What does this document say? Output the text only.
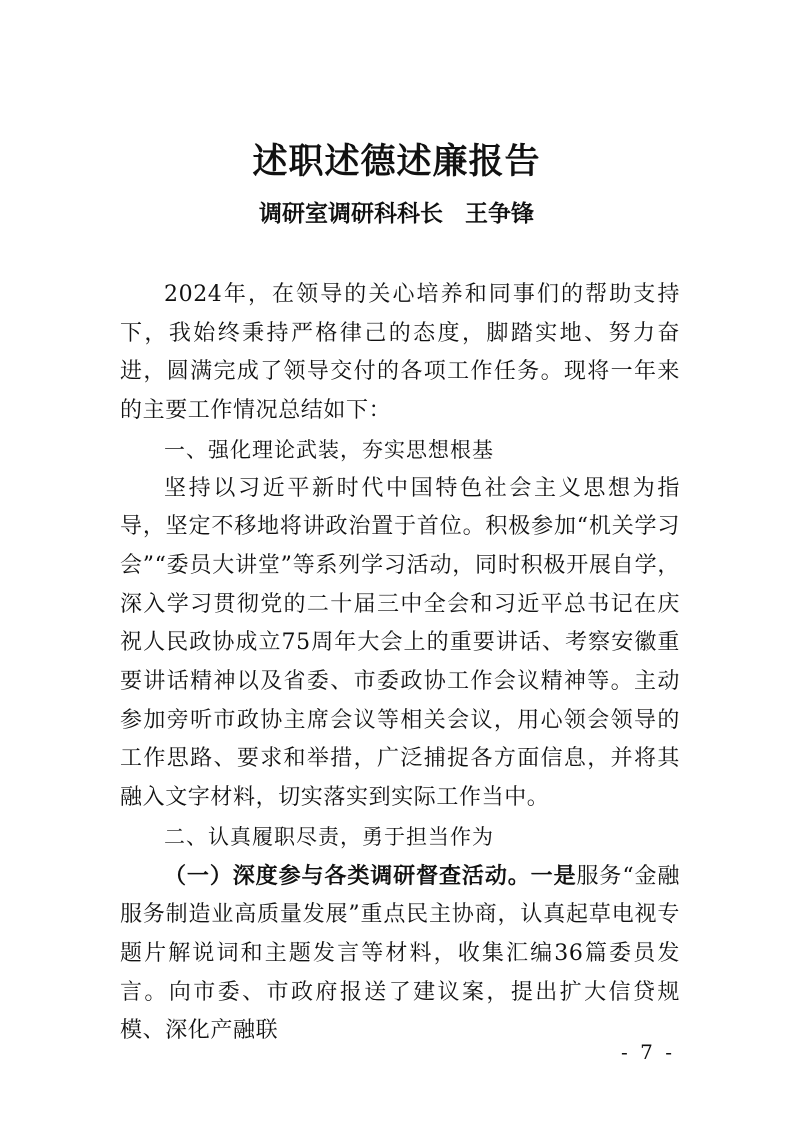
述职述德述廉报告
调研室调研科科长 王争锋

2024年，在领导的关心培养和同事们的帮助支持下，我始终秉持严格律己的态度，脚踏实地、努力奋进，圆满完成了领导交付的各项工作任务。现将一年来的主要工作情况总结如下：

一、强化理论武装，夯实思想根基

坚持以习近平新时代中国特色社会主义思想为指导，坚定不移地将讲政治置于首位。积极参加“机关学习会”“委员大讲堂”等系列学习活动，同时积极开展自学，深入学习贯彻党的二十届三中全会和习近平总书记在庆祝人民政协成立75周年大会上的重要讲话、考察安徽重要讲话精神以及省委、市委政协工作会议精神等。主动参加旁听市政协主席会议等相关会议，用心领会领导的工作思路、要求和举措，广泛捕捉各方面信息，并将其融入文字材料，切实落实到实际工作当中。

二、认真履职尽责，勇于担当作为

（一）深度参与各类调研督查活动。一是服务“金融服务制造业高质量发展”重点民主协商，认真起草电视专题片解说词和主题发言等材料，收集汇编36篇委员发言。向市委、市政府报送了建议案，提出扩大信贷规模、深化产融联

- 7 -
